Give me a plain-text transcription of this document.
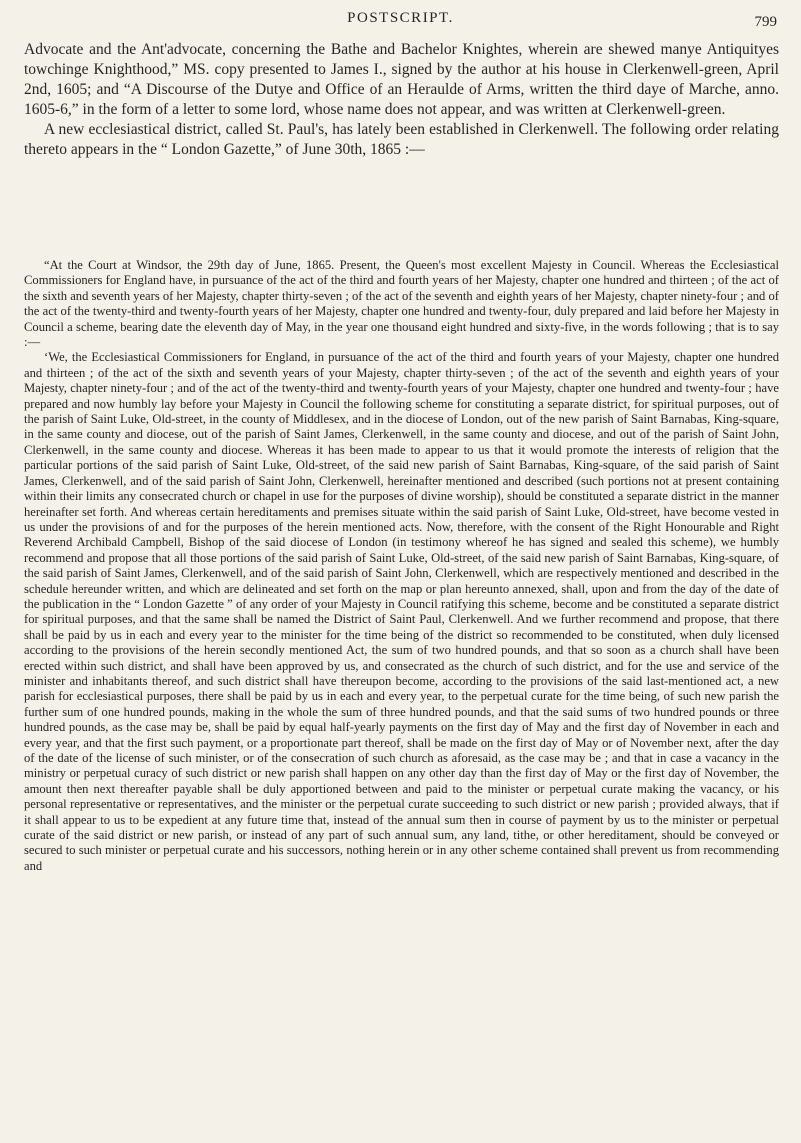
POSTSCRIPT.	799

Advocate and the Ant'advocate, concerning the Bathe and Bachelor Knightes, wherein are shewed manye Antiquityes towchinge Knighthood,” MS. copy presented to James I., signed by the author at his house in Clerkenwell-green, April 2nd, 1605; and “A Discourse of the Dutye and Office of an Heraulde of Arms, written the third daye of Marche, anno. 1605-6,” in the form of a letter to some lord, whose name does not appear, and was written at Clerkenwell-green.

A new ecclesiastical district, called St. Paul's, has lately been established in Clerkenwell. The following order relating thereto appears in the “ London Gazette,” of June 30th, 1865 :—

“At the Court at Windsor, the 29th day of June, 1865. Present, the Queen's most excellent Majesty in Council. Whereas the Ecclesiastical Commissioners for England have, in pursuance of the act of the third and fourth years of her Majesty, chapter one hundred and thirteen ; of the act of the sixth and seventh years of her Majesty, chapter thirty-seven ; of the act of the seventh and eighth years of her Majesty, chapter ninety-four ; and of the act of the twenty-third and twenty-fourth years of her Majesty, chapter one hundred and twenty-four, duly prepared and laid before her Majesty in Council a scheme, bearing date the eleventh day of May, in the year one thousand eight hundred and sixty-five, in the words following ; that is to say :—

‘We, the Ecclesiastical Commissioners for England, in pursuance of the act of the third and fourth years of your Majesty, chapter one hundred and thirteen ; of the act of the sixth and seventh years of your Majesty, chapter thirty-seven ; of the act of the seventh and eighth years of your Majesty, chapter ninety-four ; and of the act of the twenty-third and twenty-fourth years of your Majesty, chapter one hundred and twenty-four ; have prepared and now humbly lay before your Majesty in Council the following scheme for constituting a separate district, for spiritual purposes, out of the parish of Saint Luke, Old-street, in the county of Middlesex, and in the diocese of London, out of the new parish of Saint Barnabas, King-square, in the same county and diocese, out of the parish of Saint James, Clerkenwell, in the same county and diocese, and out of the parish of Saint John, Clerkenwell, in the same county and diocese. Whereas it has been made to appear to us that it would promote the interests of religion that the particular portions of the said parish of Saint Luke, Old-street, of the said new parish of Saint Barnabas, King-square, of the said parish of Saint James, Clerkenwell, and of the said parish of Saint John, Clerkenwell, hereinafter mentioned and described (such portions not at present containing within their limits any consecrated church or chapel in use for the purposes of divine worship), should be constituted a separate district in the manner hereinafter set forth. And whereas certain hereditaments and premises situate within the said parish of Saint Luke, Old-street, have become vested in us under the provisions of and for the purposes of the herein mentioned acts. Now, therefore, with the consent of the Right Honourable and Right Reverend Archibald Campbell, Bishop of the said diocese of London (in testimony whereof he has signed and sealed this scheme), we humbly recommend and propose that all those portions of the said parish of Saint Luke, Old-street, of the said new parish of Saint Barnabas, King-square, of the said parish of Saint James, Clerkenwell, and of the said parish of Saint John, Clerkenwell, which are respectively mentioned and described in the schedule hereunder written, and which are delineated and set forth on the map or plan hereunto annexed, shall, upon and from the day of the date of the publication in the “ London Gazette ” of any order of your Majesty in Council ratifying this scheme, become and be constituted a separate district for spiritual purposes, and that the same shall be named the District of Saint Paul, Clerkenwell. And we further recommend and propose, that there shall be paid by us in each and every year to the minister for the time being of the district so recommended to be constituted, when duly licensed according to the provisions of the herein secondly mentioned Act, the sum of two hundred pounds, and that so soon as a church shall have been erected within such district, and shall have been approved by us, and consecrated as the church of such district, and for the use and service of the minister and inhabitants thereof, and such district shall have thereupon become, according to the provisions of the said last-mentioned act, a new parish for ecclesiastical purposes, there shall be paid by us in each and every year, to the perpetual curate for the time being, of such new parish the further sum of one hundred pounds, making in the whole the sum of three hundred pounds, and that the said sums of two hundred pounds or three hundred pounds, as the case may be, shall be paid by equal half-yearly payments on the first day of May and the first day of November in each and every year, and that the first such payment, or a proportionate part thereof, shall be made on the first day of May or of November next, after the day of the date of the license of such minister, or of the consecration of such church as aforesaid, as the case may be ; and that in case a vacancy in the ministry or perpetual curacy of such district or new parish shall happen on any other day than the first day of May or the first day of November, the amount then next thereafter payable shall be duly apportioned between and paid to the minister or perpetual curate making the vacancy, or his personal representative or representatives, and the minister or the perpetual curate succeeding to such district or new parish ; provided always, that if it shall appear to us to be expedient at any future time that, instead of the annual sum then in course of payment by us to the minister or perpetual curate of the said district or new parish, or instead of any part of such annual sum, any land, tithe, or other hereditament, should be conveyed or secured to such minister or perpetual curate and his successors, nothing herein or in any other scheme contained shall prevent us from recommending and
